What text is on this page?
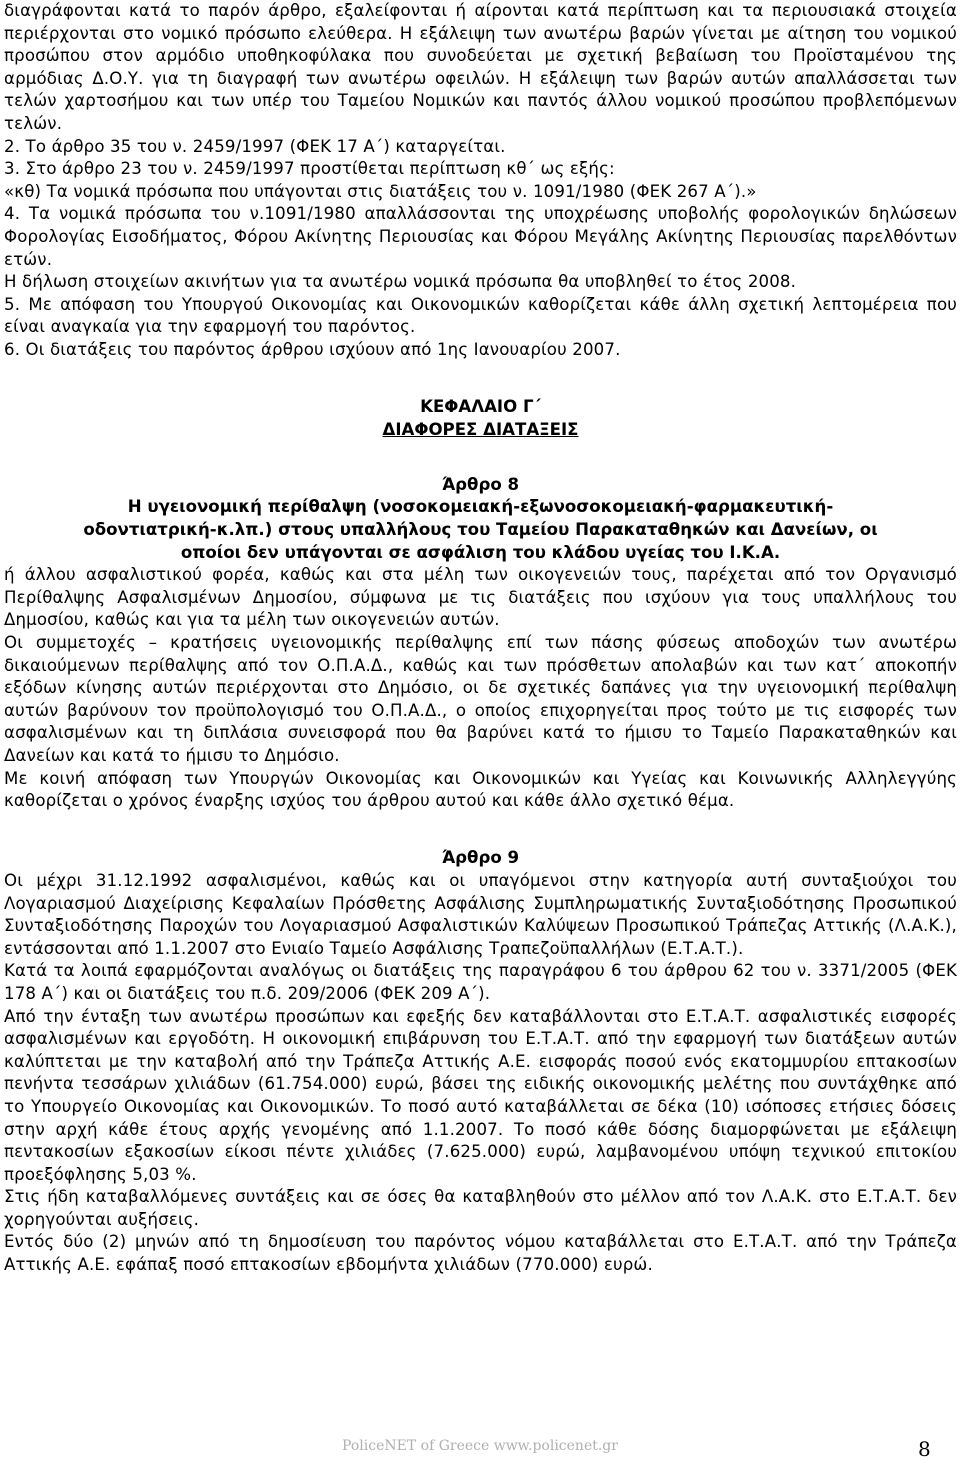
διαγράφονται κατά το παρόν άρθρο, εξαλείφονται ή αίρονται κατά περίπτωση και τα περιουσιακά στοιχεία περιέρχονται στο νομικό πρόσωπο ελεύθερα. Η εξάλειψη των ανωτέρω βαρών γίνεται με αίτηση του νομικού προσώπου στον αρμόδιο υποθηκοφύλακα που συνοδεύεται με σχετική βεβαίωση του Προϊσταμένου της αρμόδιας Δ.Ο.Υ. για τη διαγραφή των ανωτέρω οφειλών. Η εξάλειψη των βαρών αυτών απαλλάσσεται των τελών χαρτοσήμου και των υπέρ του Ταμείου Νομικών και παντός άλλου νομικού προσώπου προβλεπόμενων τελών.

2. Το άρθρο 35 του ν. 2459/1997 (ΦΕΚ 17 Α΄) καταργείται.

3. Στο άρθρο 23 του ν. 2459/1997 προστίθεται περίπτωση κθ΄ ως εξής:

«κθ) Τα νομικά πρόσωπα που υπάγονται στις διατάξεις του ν. 1091/1980 (ΦΕΚ 267 Α΄).»

4. Τα νομικά πρόσωπα του ν.1091/1980 απαλλάσσονται της υποχρέωσης υποβολής φορολογικών δηλώσεων Φορολογίας Εισοδήματος, Φόρου Ακίνητης Περιουσίας και Φόρου Μεγάλης Ακίνητης Περιουσίας παρελθόντων ετών.

Η δήλωση στοιχείων ακινήτων για τα ανωτέρω νομικά πρόσωπα θα υποβληθεί το έτος 2008.

5. Με απόφαση του Υπουργού Οικονομίας και Οικονομικών καθορίζεται κάθε άλλη σχετική λεπτομέρεια που είναι αναγκαία για την εφαρμογή του παρόντος.

6. Οι διατάξεις του παρόντος άρθρου ισχύουν από 1ης Ιανουαρίου 2007.

ΚΕΦΑΛΑΙΟ Γ΄

ΔΙΑΦΟΡΕΣ ΔΙΑΤΑΞΕΙΣ

Άρθρο 8

Η υγειονομική περίθαλψη (νοσοκομειακή-εξωνοσοκομειακή-φαρμακευτική-

οδοντιατρική-κ.λπ.) στους υπαλλήλους του Ταμείου Παρακαταθηκών και Δανείων, οι

οποίοι δεν υπάγονται σε ασφάλιση του κλάδου υγείας του Ι.Κ.Α.

ή άλλου ασφαλιστικού φορέα, καθώς και στα μέλη των οικογενειών τους, παρέχεται από τον Οργανισμό Περίθαλψης Ασφαλισμένων Δημοσίου, σύμφωνα με τις διατάξεις που ισχύουν για τους υπαλλήλους του Δημοσίου, καθώς και για τα μέλη των οικογενειών αυτών.

Οι συμμετοχές – κρατήσεις υγειονομικής περίθαλψης επί των πάσης φύσεως αποδοχών των ανωτέρω δικαιούμενων περίθαλψης από τον Ο.Π.Α.Δ., καθώς και των πρόσθετων απολαβών και των κατ΄ αποκοπήν εξόδων κίνησης αυτών περιέρχονται στο Δημόσιο, οι δε σχετικές δαπάνες για την υγειονομική περίθαλψη αυτών βαρύνουν τον προϋπολογισμό του Ο.Π.Α.Δ., ο οποίος επιχορηγείται προς τούτο με τις εισφορές των ασφαλισμένων και τη διπλάσια συνεισφορά που θα βαρύνει κατά το ήμισυ το Ταμείο Παρακαταθηκών και Δανείων και κατά το ήμισυ το Δημόσιο.

Με κοινή απόφαση των Υπουργών Οικονομίας και Οικονομικών και Υγείας και Κοινωνικής Αλληλεγγύης καθορίζεται ο χρόνος έναρξης ισχύος του άρθρου αυτού και κάθε άλλο σχετικό θέμα.

Άρθρο 9

Οι μέχρι 31.12.1992 ασφαλισμένοι, καθώς και οι υπαγόμενοι στην κατηγορία αυτή συνταξιούχοι του Λογαριασμού Διαχείρισης Κεφαλαίων Πρόσθετης Ασφάλισης Συμπληρωματικής Συνταξιοδότησης Προσωπικού Συνταξιοδότησης Παροχών του Λογαριασμού Ασφαλιστικών Καλύψεων Προσωπικού Τράπεζας Αττικής (Λ.Α.Κ.), εντάσσονται από 1.1.2007 στο Ενιαίο Ταμείο Ασφάλισης Τραπεζοϋπαλλήλων (Ε.Τ.Α.Τ.).

Κατά τα λοιπά εφαρμόζονται αναλόγως οι διατάξεις της παραγράφου 6 του άρθρου 62 του ν. 3371/2005 (ΦΕΚ 178 Α΄) και οι διατάξεις του π.δ. 209/2006 (ΦΕΚ 209 Α΄).

Από την ένταξη των ανωτέρω προσώπων και εφεξής δεν καταβάλλονται στο Ε.Τ.Α.Τ. ασφαλιστικές εισφορές ασφαλισμένων και εργοδότη. Η οικονομική επιβάρυνση του Ε.Τ.Α.Τ. από την εφαρμογή των διατάξεων αυτών καλύπτεται με την καταβολή από την Τράπεζα Αττικής Α.Ε. εισφοράς ποσού ενός εκατομμυρίου επτακοσίων πενήντα τεσσάρων χιλιάδων (61.754.000) ευρώ, βάσει της ειδικής οικονομικής μελέτης που συντάχθηκε από το Υπουργείο Οικονομίας και Οικονομικών. Το ποσό αυτό καταβάλλεται σε δέκα (10) ισόποσες ετήσιες δόσεις στην αρχή κάθε έτους αρχής γενομένης από 1.1.2007. Το ποσό κάθε δόσης διαμορφώνεται με εξάλειψη πεντακοσίων εξακοσίων είκοσι πέντε χιλιάδες (7.625.000) ευρώ, λαμβανομένου υπόψη τεχνικού επιτοκίου προεξόφλησης 5,03 %.

Στις ήδη καταβαλλόμενες συντάξεις και σε όσες θα καταβληθούν στο μέλλον από τον Λ.Α.Κ. στο Ε.Τ.Α.Τ. δεν χορηγούνται αυξήσεις.

Εντός δύο (2) μηνών από τη δημοσίευση του παρόντος νόμου καταβάλλεται στο Ε.Τ.Α.Τ. από την Τράπεζα Αττικής Α.Ε. εφάπαξ ποσό επτακοσίων εβδομήντα χιλιάδων (770.000) ευρώ.

PoliceNET of Greece www.policenet.gr	8
